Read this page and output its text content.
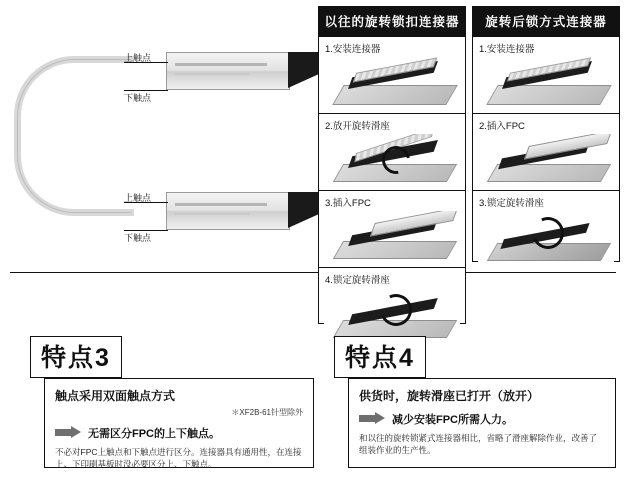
上触点
下触点
上触点
下触点
以往的旋转锁扣连接器
1.安装连接器
2.放开旋转滑座
3.插入FPC
4.锁定旋转滑座
旋转后锁方式连接器
1.安装连接器
2.插入FPC
3.锁定旋转滑座
特点3
触点采用双面触点方式
＊XF2B-61针型除外
无需区分FPC的上下触点。
不必对FPC上触点和下触点进行区分。连接器具有通用性，在连接上、下印刷基板时没必要区分上、下触点。
特点4
供货时，旋转滑座已打开（放开）
减少安装FPC所需人力。
和以往的旋转锁紧式连接器相比，省略了滑座解除作业，改善了组装作业的生产性。
